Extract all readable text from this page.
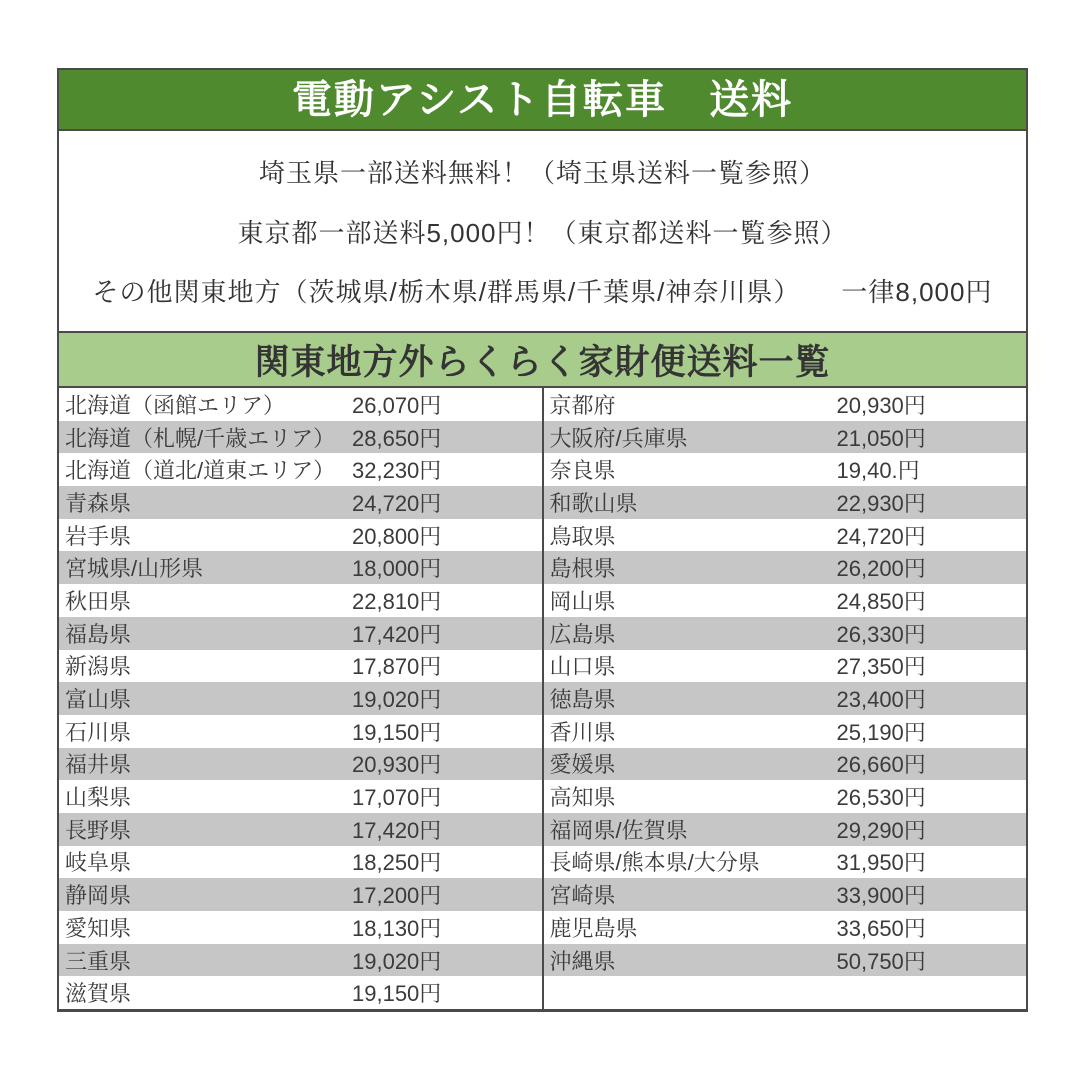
電動アシスト自転車　送料
埼玉県一部送料無料！（埼玉県送料一覧参照）
東京都一部送料5,000円！（東京都送料一覧参照）
その他関東地方（茨城県/栃木県/群馬県/千葉県/神奈川県）　　一律8,000円
関東地方外らくらく家財便送料一覧
北海道（函館エリア）	26,070円
北海道（札幌/千歳エリア） 28,650円
北海道（道北/道東エリア） 32,230円
青森県	24,720円
岩手県	20,800円
宮城県/山形県	18,000円
秋田県	22,810円
福島県	17,420円
新潟県	17,870円
富山県	19,020円
石川県	19,150円
福井県	20,930円
山梨県	17,070円
長野県	17,420円
岐阜県	18,250円
静岡県	17,200円
愛知県	18,130円
三重県	19,020円
滋賀県	19,150円
京都府	20,930円
大阪府/兵庫県	21,050円
奈良県	19,40.円
和歌山県	22,930円
鳥取県	24,720円
島根県	26,200円
岡山県	24,850円
広島県	26,330円
山口県	27,350円
徳島県	23,400円
香川県	25,190円
愛媛県	26,660円
高知県	26,530円
福岡県/佐賀県	29,290円
長崎県/熊本県/大分県	31,950円
宮崎県	33,900円
鹿児島県	33,650円
沖縄県	50,750円
